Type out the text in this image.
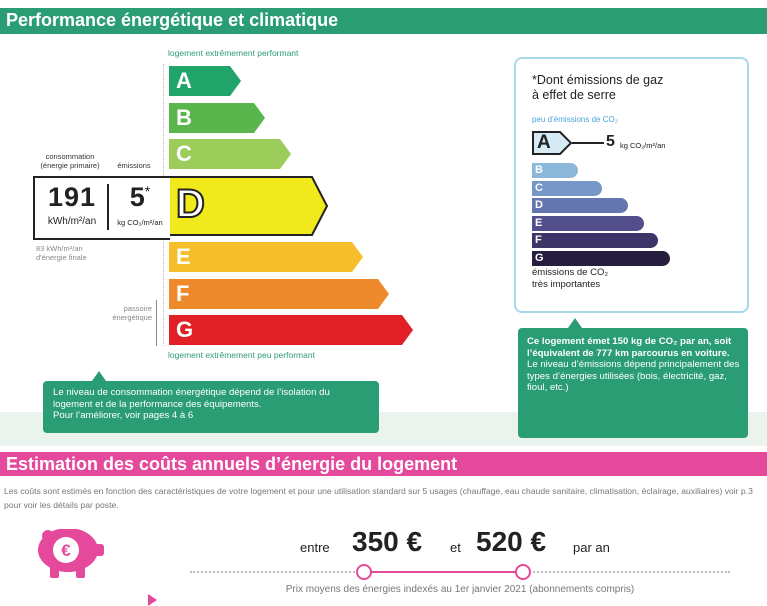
Performance énergétique et climatique
logement extrêmement performant
A
B
C
D
E
F
G
logement extrêmement peu performant
consommation
(énergie primaire)	émissions
191
kWh/m²/an
5*
kg CO₂/m²/an
83 kWh/m²/an
d'énergie finale
passoire
énergétique
Le niveau de consommation énergétique dépend de l’isolation du logement et de la performance des équipements.
Pour l’améliorer, voir pages 4 à 6
*Dont émissions de gaz
à effet de serre
peu d’émissions de CO₂
A	5 kg CO₂/m²/an
B
C
D
E
F
G
émissions de CO₂
très importantes
Ce logement émet 150 kg de CO₂ par an, soit l’équivalent de 777 km parcourus en voiture.
Le niveau d’émissions dépend principalement des types d’énergies utilisées (bois, électricité, gaz, fioul, etc.)
Estimation des coûts annuels d’énergie du logement
Les coûts sont estimés en fonction des caractéristiques de votre logement et pour une utilisation standard sur 5 usages (chauffage, eau chaude sanitaire, climatisation, éclairage, auxiliaires) voir p.3 pour voir les détails par poste.
€	entre 350 € et 520 € par an
Prix moyens des énergies indexés au 1er janvier 2021 (abonnements compris)
